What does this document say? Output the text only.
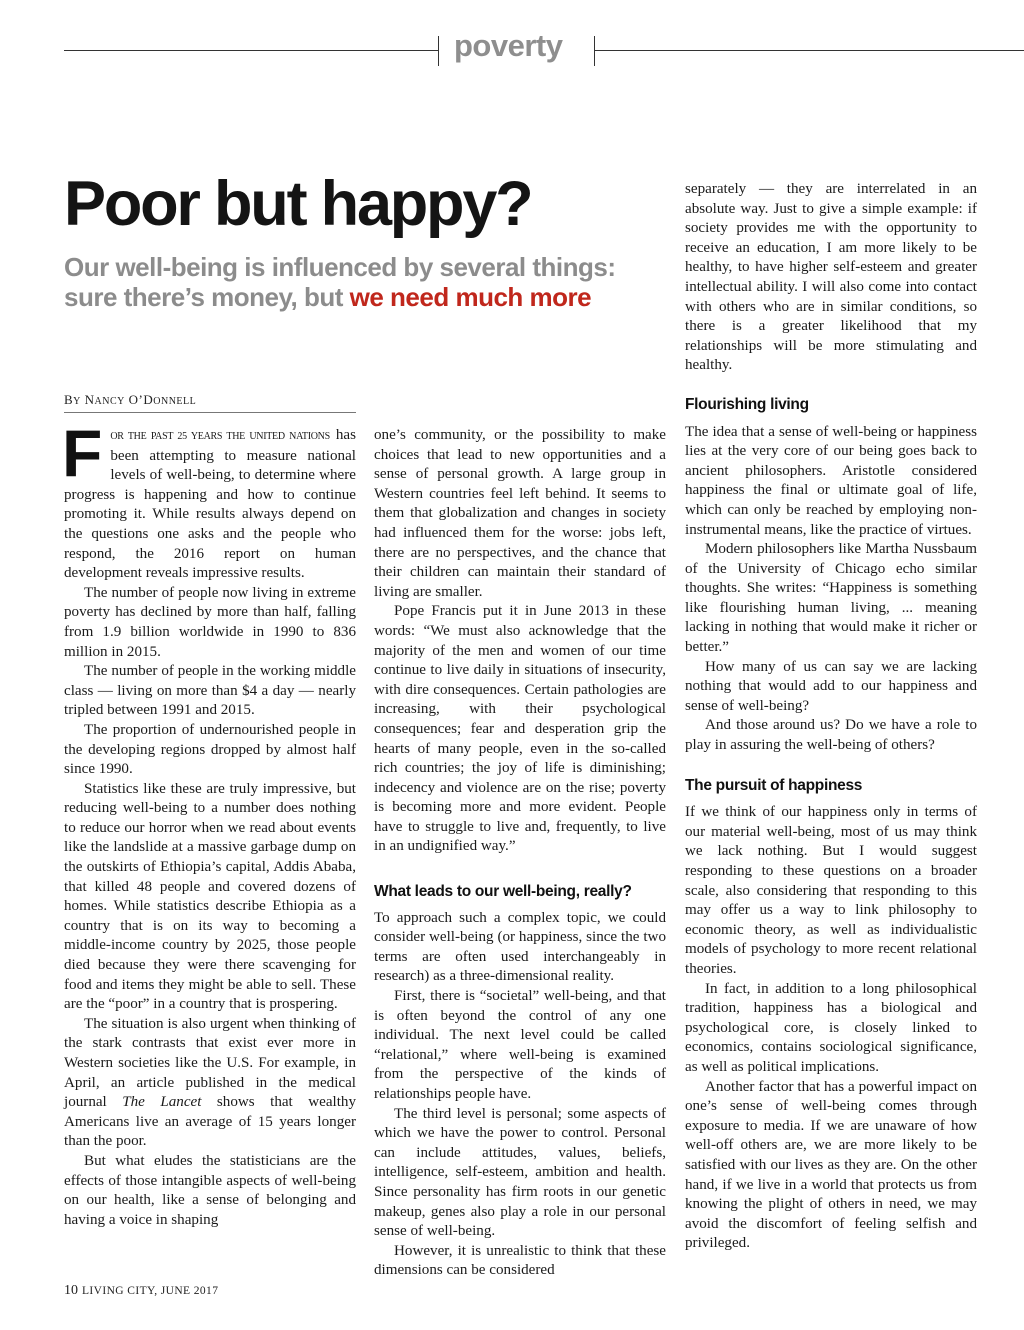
poverty
Poor but happy?
Our well-being is influenced by several things: sure there’s money, but we need much more
BY NANCY O’DONNELL

FOR THE PAST 25 YEARS THE UNITED NATIONS has been attempting to measure national levels of well-being, to determine where progress is happening and how to continue promoting it. While results always depend on the questions one asks and the people who respond, the 2016 report on human development reveals impressive results.

The number of people now living in extreme poverty has declined by more than half, falling from 1.9 billion worldwide in 1990 to 836 million in 2015.

The number of people in the working middle class — living on more than $4 a day — nearly tripled between 1991 and 2015.

The proportion of undernourished people in the developing regions dropped by almost half since 1990.

Statistics like these are truly impressive, but reducing well-being to a number does nothing to reduce our horror when we read about events like the landslide at a massive garbage dump on the outskirts of Ethiopia’s capital, Addis Ababa, that killed 48 people and covered dozens of homes. While statistics describe Ethiopia as a country that is on its way to becoming a middle-income country by 2025, those people died because they were there scavenging for food and items they might be able to sell. These are the “poor” in a country that is prospering.

The situation is also urgent when thinking of the stark contrasts that exist ever more in Western societies like the U.S. For example, in April, an article published in the medical journal The Lancet shows that wealthy Americans live an average of 15 years longer than the poor.

But what eludes the statisticians are the effects of those intangible aspects of well-being on our health, like a sense of belonging and having a voice in shaping

one’s community, or the possibility to make choices that lead to new opportunities and a sense of personal growth. A large group in Western countries feel left behind. It seems to them that globalization and changes in society had influenced them for the worse: jobs left, there are no perspectives, and the chance that their children can maintain their standard of living are smaller.

Pope Francis put it in June 2013 in these words: “We must also acknowledge that the majority of the men and women of our time continue to live daily in situations of insecurity, with dire consequences. Certain pathologies are increasing, with their psychological consequences; fear and desperation grip the hearts of many people, even in the so-called rich countries; the joy of life is diminishing; indecency and violence are on the rise; poverty is becoming more and more evident. People have to struggle to live and, frequently, to live in an undignified way.”

What leads to our well-being, really?

To approach such a complex topic, we could consider well-being (or happiness, since the two terms are often used interchangeably in research) as a three-dimensional reality.

First, there is “societal” well-being, and that is often beyond the control of any one individual. The next level could be called “relational,” where well-being is examined from the perspective of the kinds of relationships people have.

The third level is personal; some aspects of which we have the power to control. Personal can include attitudes, values, beliefs, intelligence, self-esteem, ambition and health. Since personality has firm roots in our genetic makeup, genes also play a role in our personal sense of well-being.

However, it is unrealistic to think that these dimensions can be considered

separately — they are interrelated in an absolute way. Just to give a simple example: if society provides me with the opportunity to receive an education, I am more likely to be healthy, to have higher self-esteem and greater intellectual ability. I will also come into contact with others who are in similar conditions, so there is a greater likelihood that my relationships will be more stimulating and healthy.

Flourishing living

The idea that a sense of well-being or happiness lies at the very core of our being goes back to ancient philosophers. Aristotle considered happiness the final or ultimate goal of life, which can only be reached by employing non-instrumental means, like the practice of virtues.

Modern philosophers like Martha Nussbaum of the University of Chicago echo similar thoughts. She writes: “Happiness is something like flourishing human living, ... meaning lacking in nothing that would make it richer or better.”

How many of us can say we are lacking nothing that would add to our happiness and sense of well-being?

And those around us? Do we have a role to play in assuring the well-being of others?

The pursuit of happiness

If we think of our happiness only in terms of our material well-being, most of us may think we lack nothing. But I would suggest responding to these questions on a broader scale, also considering that responding to this may offer us a way to link philosophy to economic theory, as well as individualistic models of psychology to more recent relational theories.

In fact, in addition to a long philosophical tradition, happiness has a biological and psychological core, is closely linked to economics, contains sociological significance, as well as political implications.

Another factor that has a powerful impact on one’s sense of well-being comes through exposure to media. If we are unaware of how well-off others are, we are more likely to be satisfied with our lives as they are. On the other hand, if we live in a world that protects us from knowing the plight of others in need, we may avoid the discomfort of feeling selfish and privileged.

10 LIVING CITY, JUNE 2017
